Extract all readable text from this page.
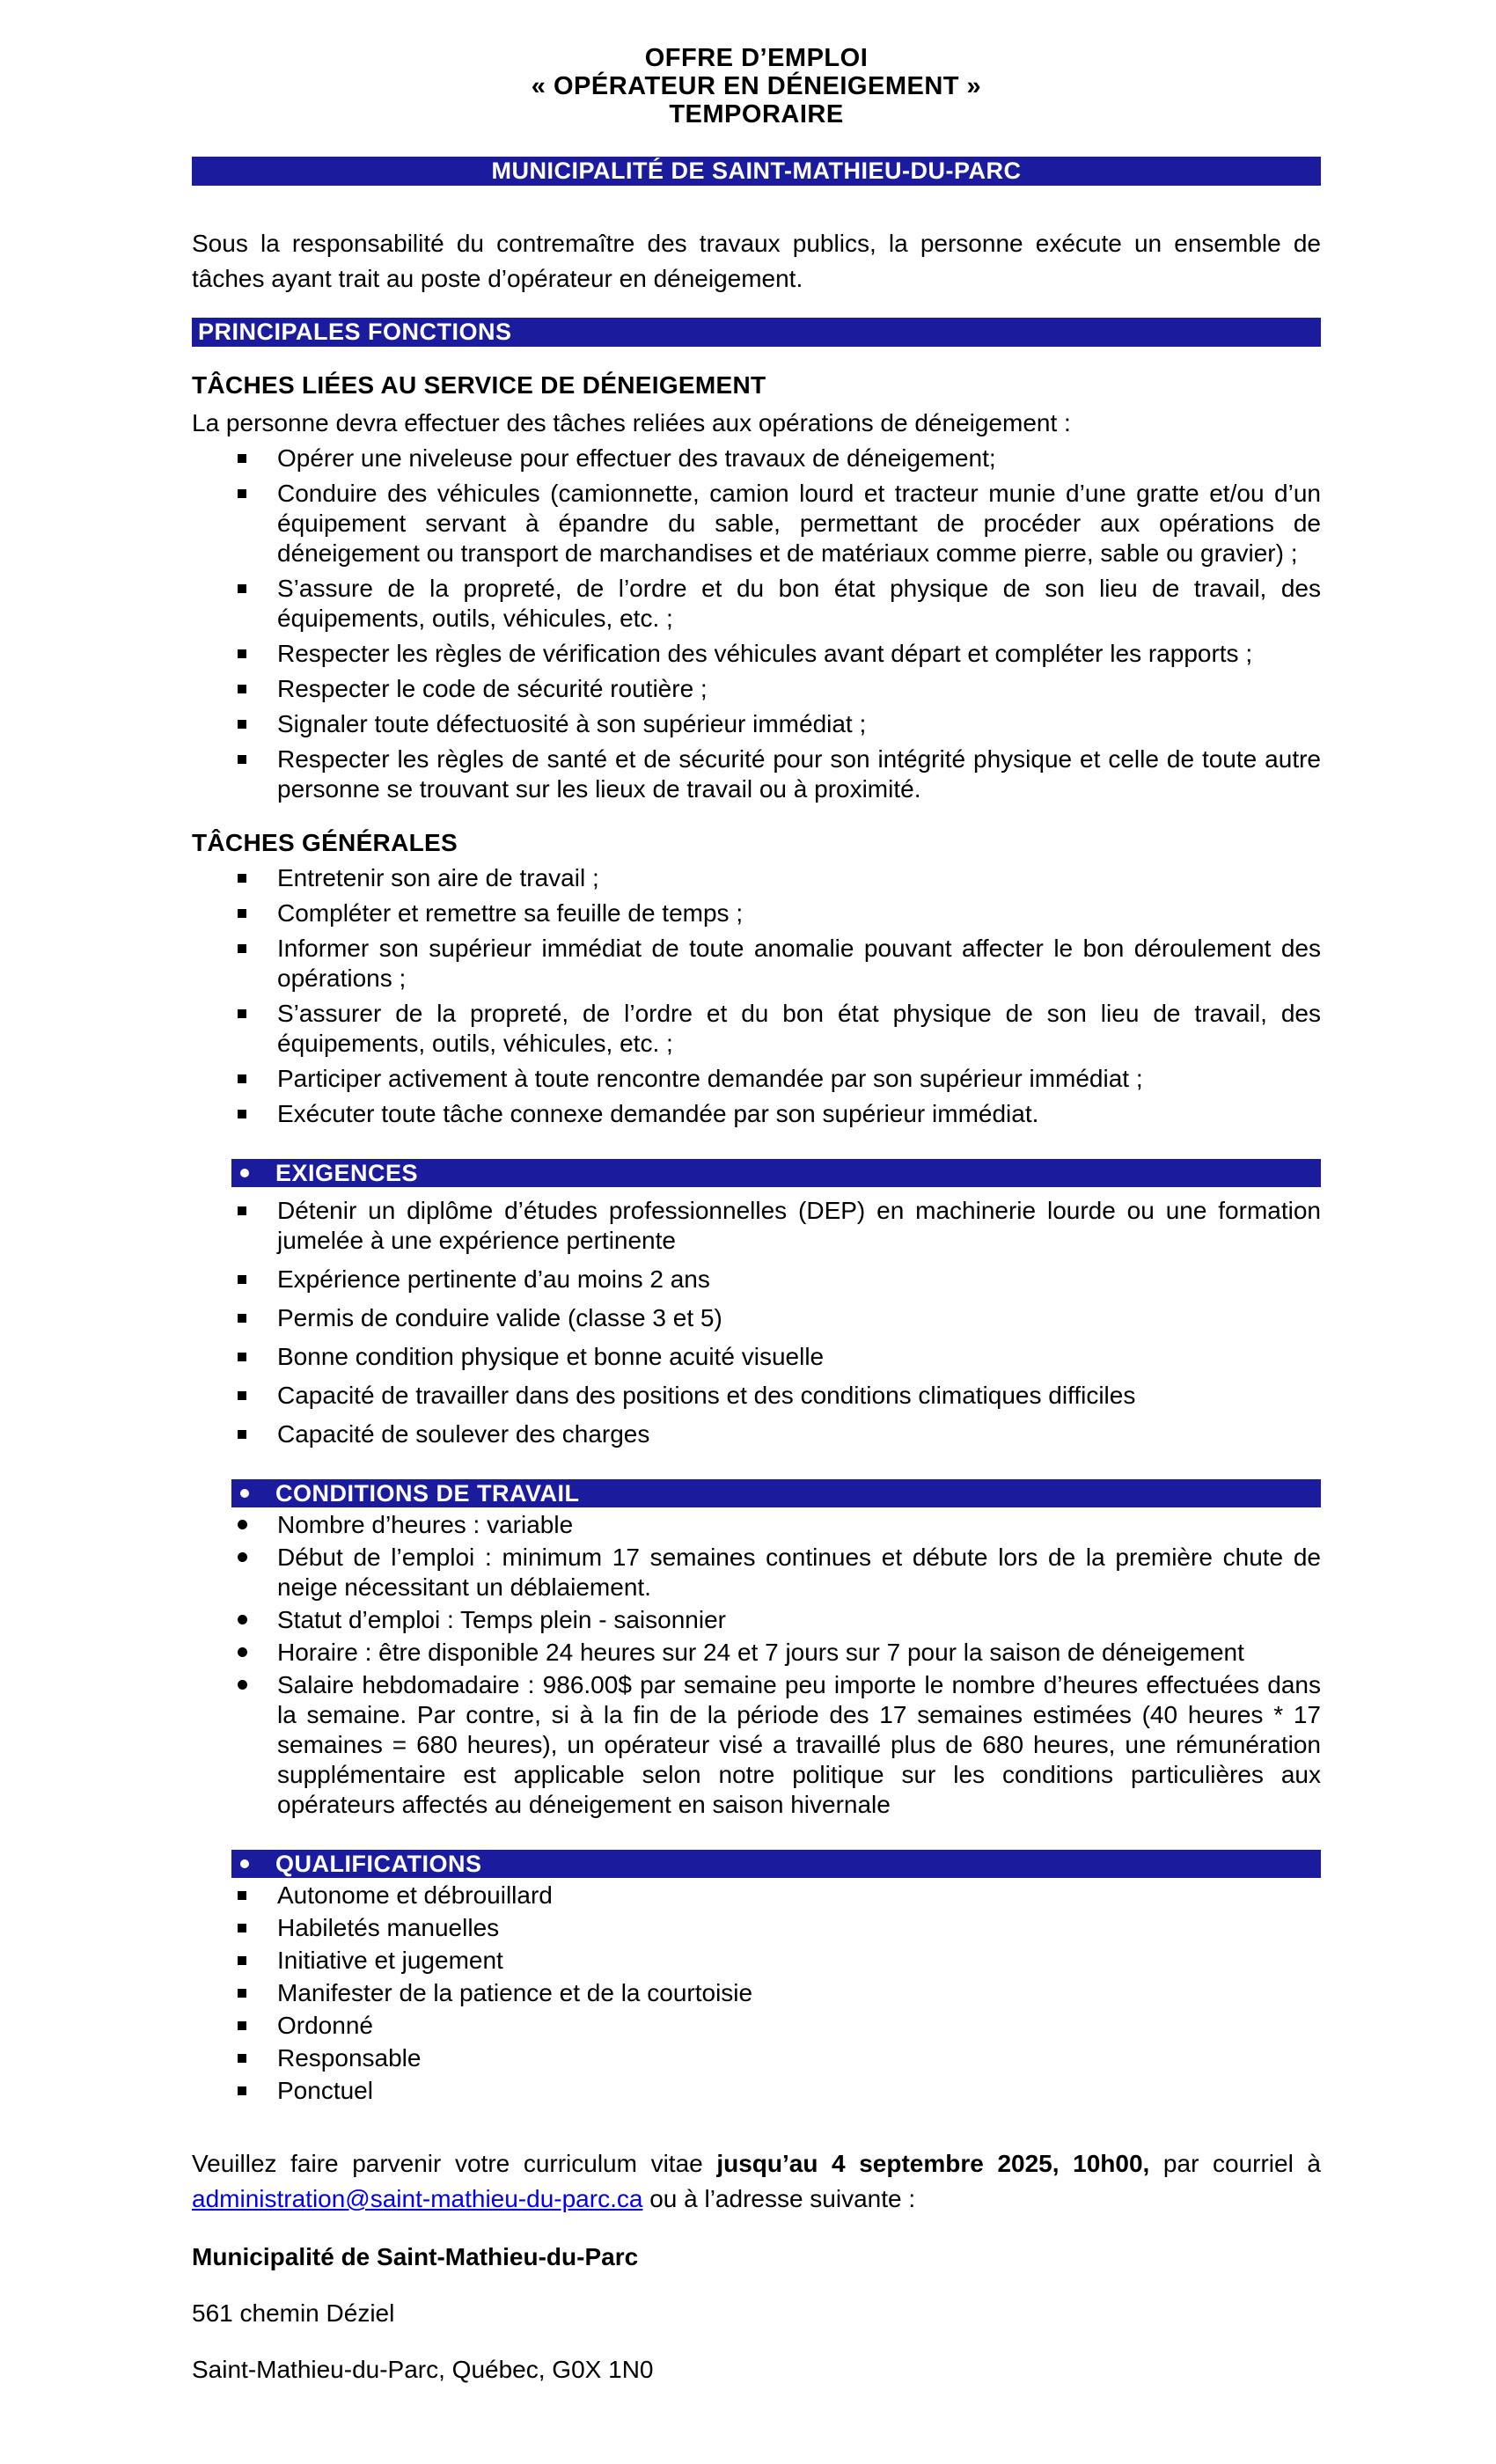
OFFRE D’EMPLOI
« OPÉRATEUR EN DÉNEIGEMENT »
TEMPORAIRE
MUNICIPALITÉ DE SAINT-MATHIEU-DU-PARC

Sous la responsabilité du contremaître des travaux publics, la personne exécute un ensemble de tâches ayant trait au poste d’opérateur en déneigement.

PRINCIPALES FONCTIONS
TÂCHES LIÉES AU SERVICE DE DÉNEIGEMENT
La personne devra effectuer des tâches reliées aux opérations de déneigement :
Opérer une niveleuse pour effectuer des travaux de déneigement;
Conduire des véhicules (camionnette, camion lourd et tracteur munie d’une gratte et/ou d’un équipement servant à épandre du sable, permettant de procéder aux opérations de déneigement ou transport de marchandises et de matériaux comme pierre, sable ou gravier) ;
S’assure de la propreté, de l’ordre et du bon état physique de son lieu de travail, des équipements, outils, véhicules, etc. ;
Respecter les règles de vérification des véhicules avant départ et compléter les rapports ;
Respecter le code de sécurité routière ;
Signaler toute défectuosité à son supérieur immédiat ;
Respecter les règles de santé et de sécurité pour son intégrité physique et celle de toute autre personne se trouvant sur les lieux de travail ou à proximité.
TÂCHES GÉNÉRALES
Entretenir son aire de travail ;
Compléter et remettre sa feuille de temps ;
Informer son supérieur immédiat de toute anomalie pouvant affecter le bon déroulement des opérations ;
S’assurer de la propreté, de l’ordre et du bon état physique de son lieu de travail, des équipements, outils, véhicules, etc. ;
Participer activement à toute rencontre demandée par son supérieur immédiat ;
Exécuter toute tâche connexe demandée par son supérieur immédiat.
EXIGENCES
Détenir un diplôme d’études professionnelles (DEP) en machinerie lourde ou une formation jumelée à une expérience pertinente
Expérience pertinente d’au moins 2 ans
Permis de conduire valide (classe 3 et 5)
Bonne condition physique et bonne acuité visuelle
Capacité de travailler dans des positions et des conditions climatiques difficiles
Capacité de soulever des charges
CONDITIONS DE TRAVAIL
Nombre d’heures : variable
Début de l’emploi : minimum 17 semaines continues et débute lors de la première chute de neige nécessitant un déblaiement.
Statut d’emploi : Temps plein - saisonnier
Horaire : être disponible 24 heures sur 24 et 7 jours sur 7 pour la saison de déneigement
Salaire hebdomadaire : 986.00$ par semaine peu importe le nombre d’heures effectuées dans la semaine. Par contre, si à la fin de la période des 17 semaines estimées (40 heures * 17 semaines = 680 heures), un opérateur visé a travaillé plus de 680 heures, une rémunération supplémentaire est applicable selon notre politique sur les conditions particulières aux opérateurs affectés au déneigement en saison hivernale
QUALIFICATIONS
Autonome et débrouillard
Habiletés manuelles
Initiative et jugement
Manifester de la patience et de la courtoisie
Ordonné
Responsable
Ponctuel

Veuillez faire parvenir votre curriculum vitae jusqu’au 4 septembre 2025, 10h00, par courriel à administration@saint-mathieu-du-parc.ca ou à l’adresse suivante :

Municipalité de Saint-Mathieu-du-Parc

561 chemin Déziel

Saint-Mathieu-du-Parc, Québec, G0X 1N0
